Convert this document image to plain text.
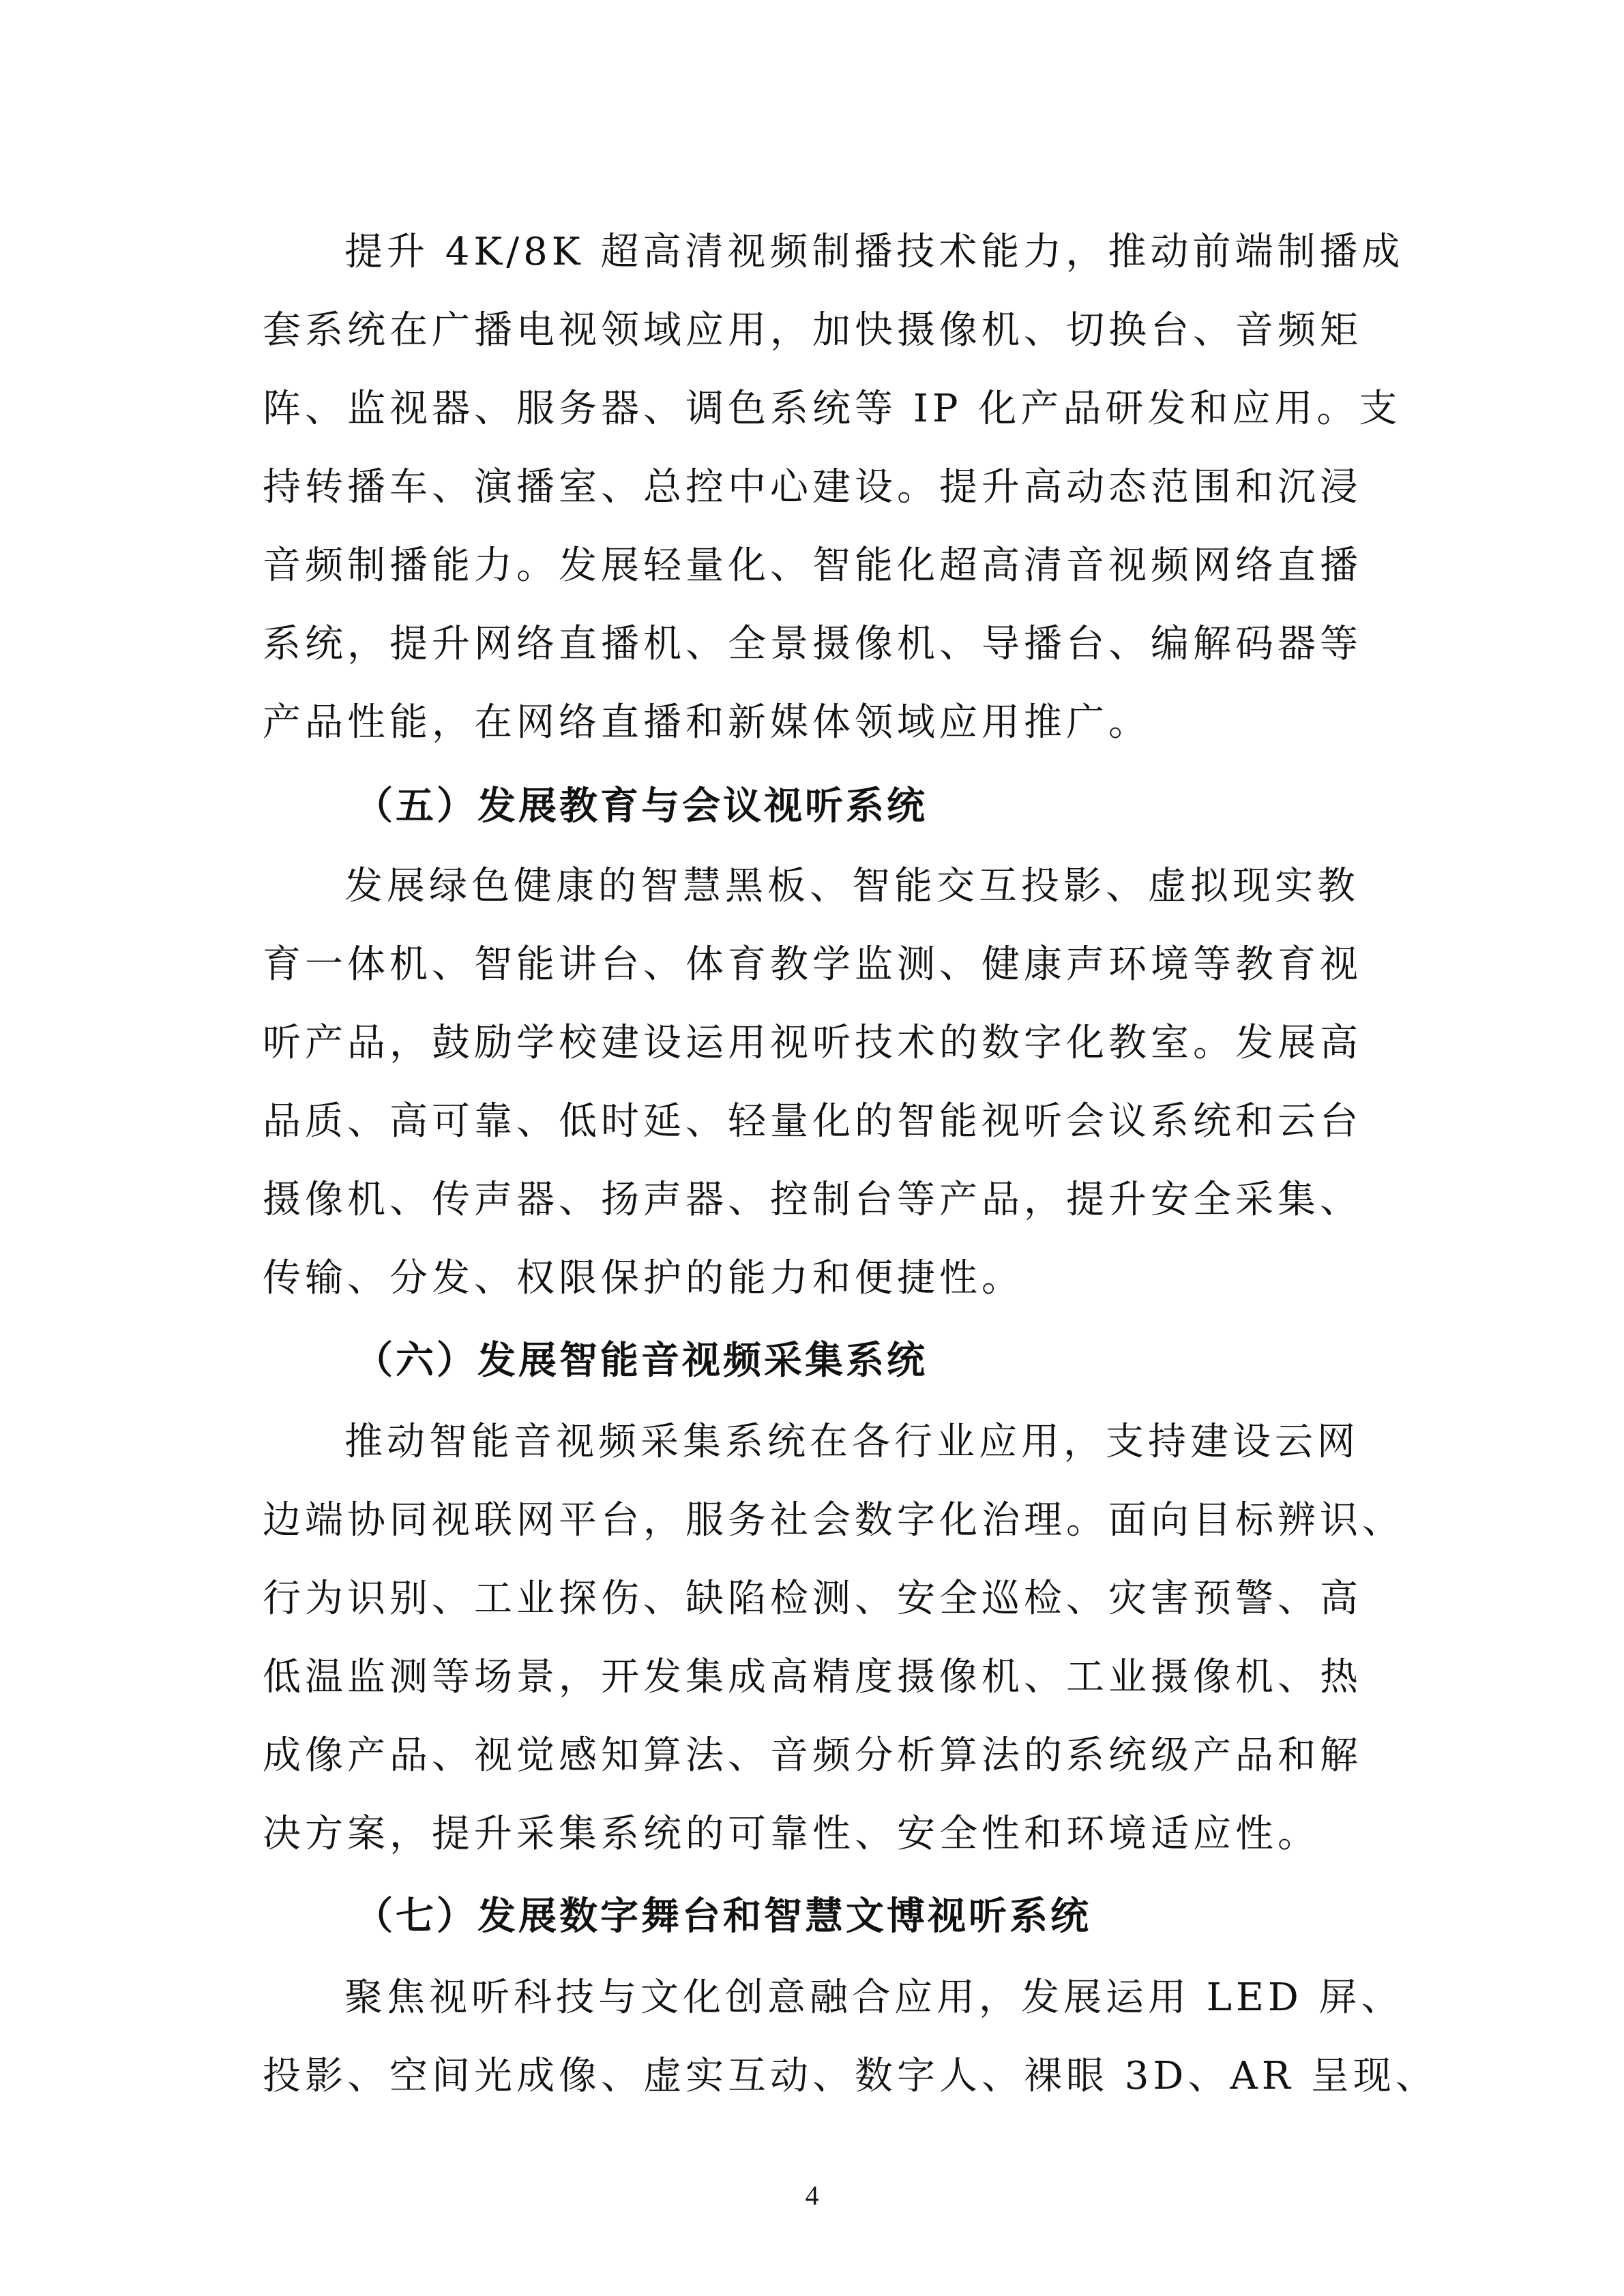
提升 4K/8K 超高清视频制播技术能力，推动前端制播成
套系统在广播电视领域应用，加快摄像机、切换台、音频矩
阵、监视器、服务器、调色系统等 IP 化产品研发和应用。支
持转播车、演播室、总控中心建设。提升高动态范围和沉浸
音频制播能力。发展轻量化、智能化超高清音视频网络直播
系统，提升网络直播机、全景摄像机、导播台、编解码器等
产品性能，在网络直播和新媒体领域应用推广。
（五）发展教育与会议视听系统
发展绿色健康的智慧黑板、智能交互投影、虚拟现实教
育一体机、智能讲台、体育教学监测、健康声环境等教育视
听产品，鼓励学校建设运用视听技术的数字化教室。发展高
品质、高可靠、低时延、轻量化的智能视听会议系统和云台
摄像机、传声器、扬声器、控制台等产品，提升安全采集、
传输、分发、权限保护的能力和便捷性。
（六）发展智能音视频采集系统
推动智能音视频采集系统在各行业应用，支持建设云网
边端协同视联网平台，服务社会数字化治理。面向目标辨识、
行为识别、工业探伤、缺陷检测、安全巡检、灾害预警、高
低温监测等场景，开发集成高精度摄像机、工业摄像机、热
成像产品、视觉感知算法、音频分析算法的系统级产品和解
决方案，提升采集系统的可靠性、安全性和环境适应性。
（七）发展数字舞台和智慧文博视听系统
聚焦视听科技与文化创意融合应用，发展运用 LED 屏、
投影、空间光成像、虚实互动、数字人、裸眼 3D、AR 呈现、
4
